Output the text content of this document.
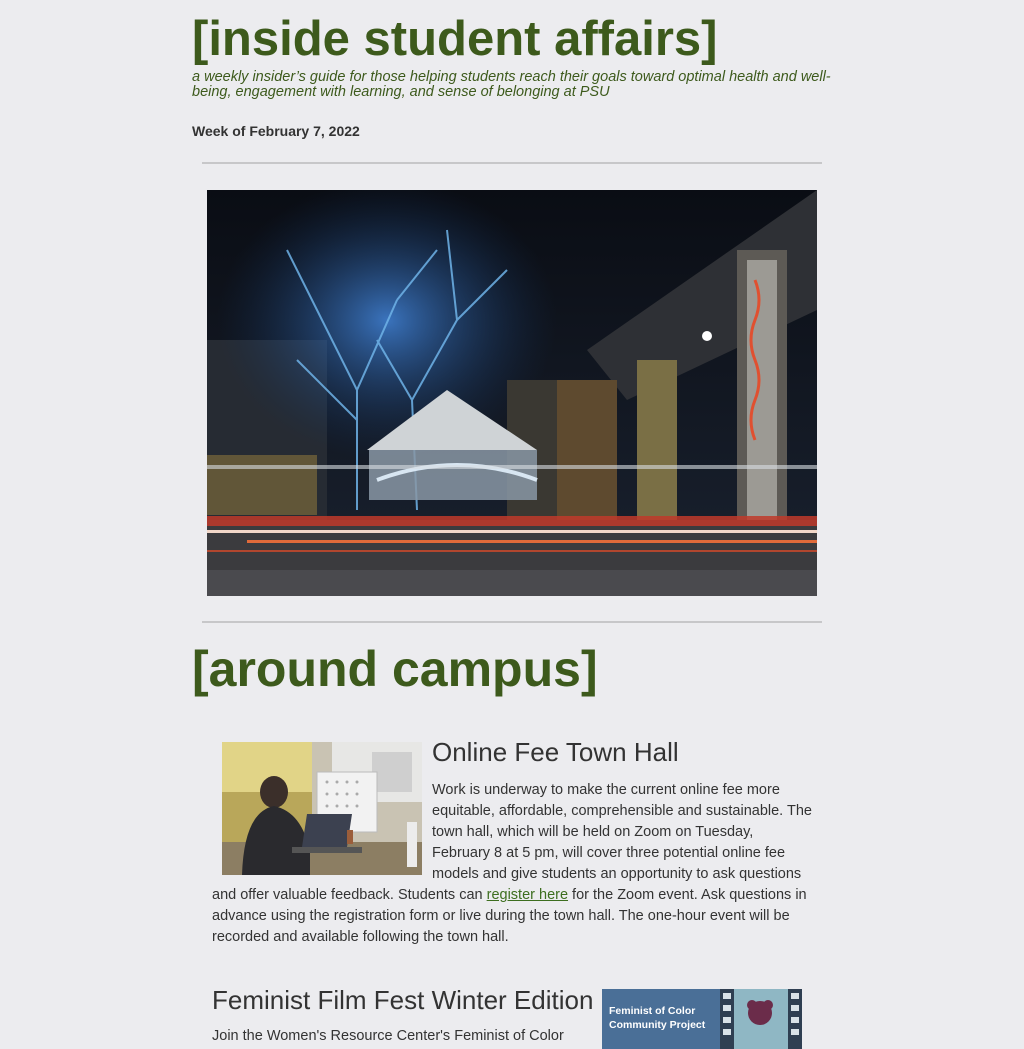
[inside student affairs]

a weekly insider’s guide for those helping students reach their goals toward optimal health and well-being, engagement with learning, and sense of belonging at PSU

Week of February 7, 2022
[around campus]
Online Fee Town Hall

Work is underway to make the current online fee more equitable, affordable, comprehensible and sustainable. The town hall, which will be held on Zoom on Tuesday, February 8 at 5 pm, will cover three potential online fee models and give students an opportunity to ask questions and offer valuable feedback. Students can register here for the Zoom event. Ask questions in advance using the registration form or live during the town hall. The one-hour event will be recorded and available following the town hall.

Feminist Film Fest Winter Edition

Join the Women's Resource Center's Feminist of Color

Feminist of Color
Community Project
